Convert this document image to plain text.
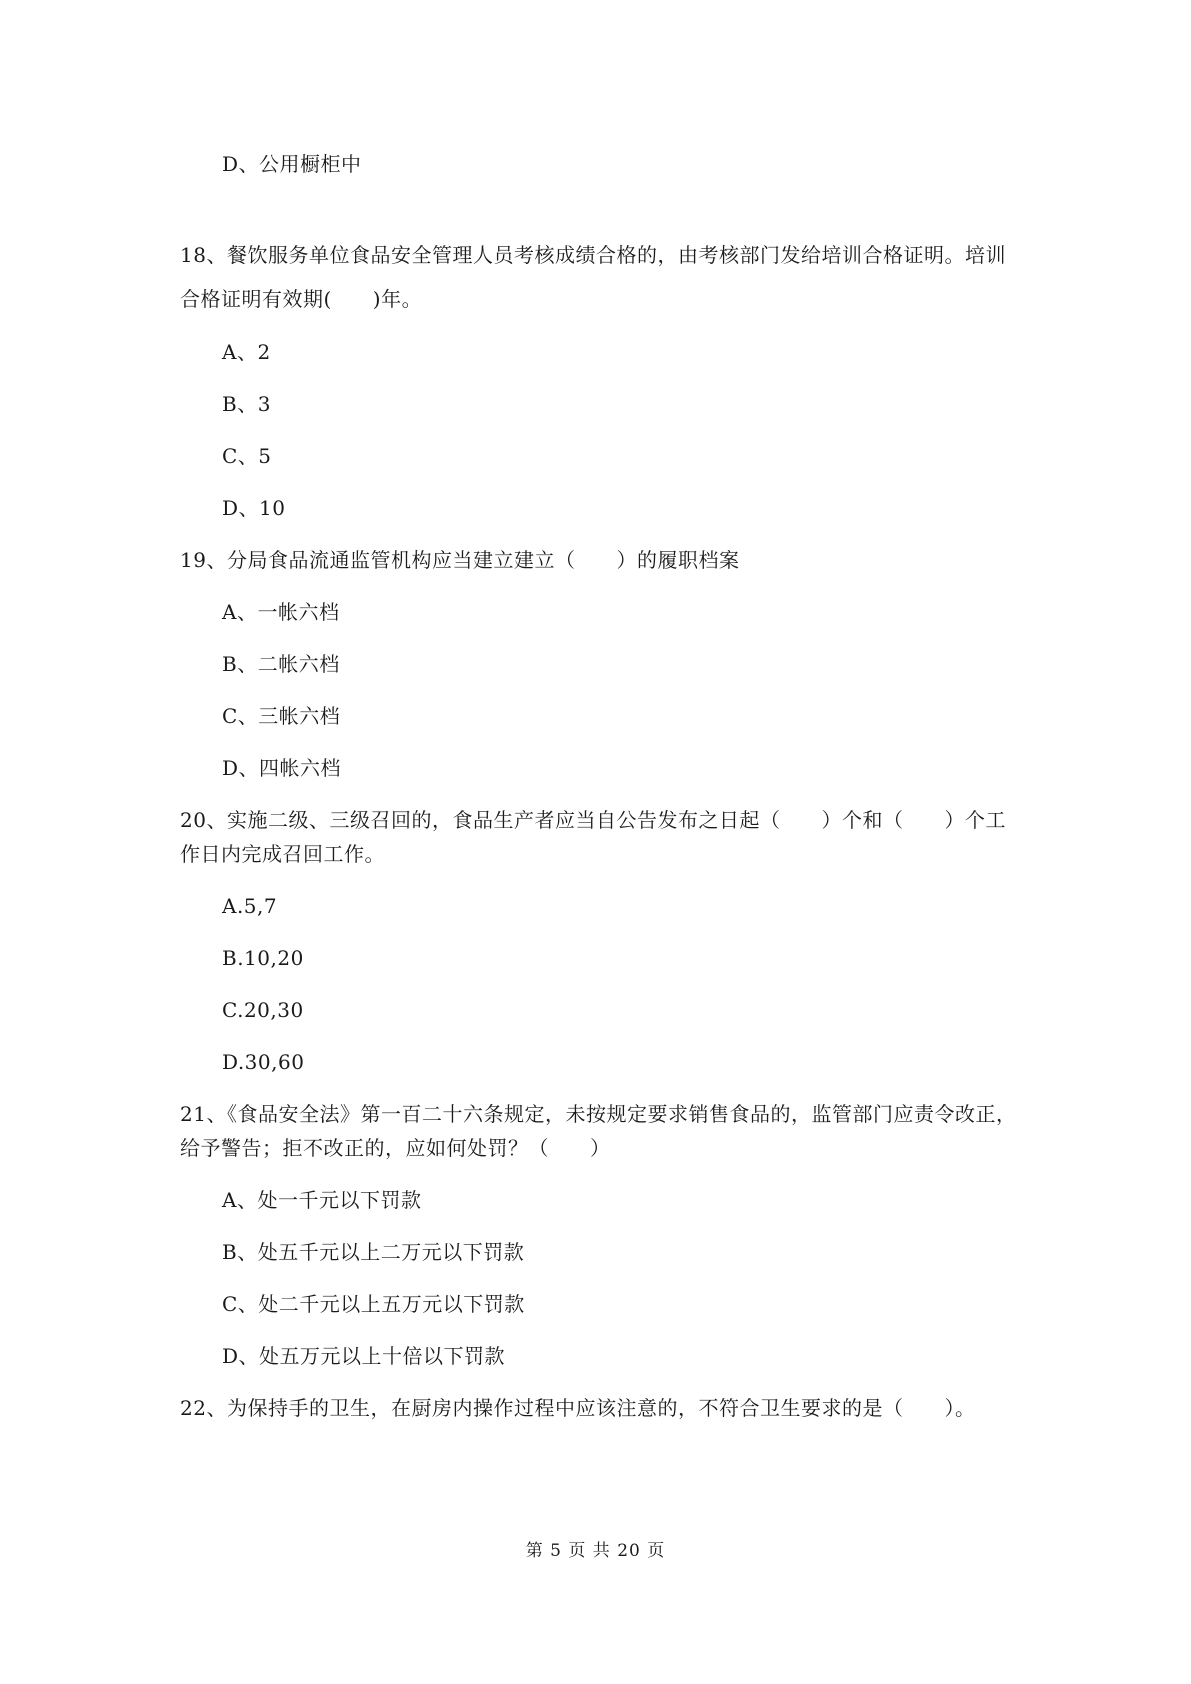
D、公用橱柜中
18、餐饮服务单位食品安全管理人员考核成绩合格的，由考核部门发给培训合格证明。培训
合格证明有效期(　　)年。
A、2
B、3
C、5
D、10
19、分局食品流通监管机构应当建立建立（　　）的履职档案
A、一帐六档
B、二帐六档
C、三帐六档
D、四帐六档
20、实施二级、三级召回的，食品生产者应当自公告发布之日起（　　）个和（　　）个工
作日内完成召回工作。
A.5,7
B.10,20
C.20,30
D.30,60
21、《食品安全法》第一百二十六条规定，未按规定要求销售食品的，监管部门应责令改正，
给予警告；拒不改正的，应如何处罚？（　　）
A、处一千元以下罚款
B、处五千元以上二万元以下罚款
C、处二千元以上五万元以下罚款
D、处五万元以上十倍以下罚款
22、为保持手的卫生，在厨房内操作过程中应该注意的，不符合卫生要求的是（　　）。
第 5 页 共 20 页
